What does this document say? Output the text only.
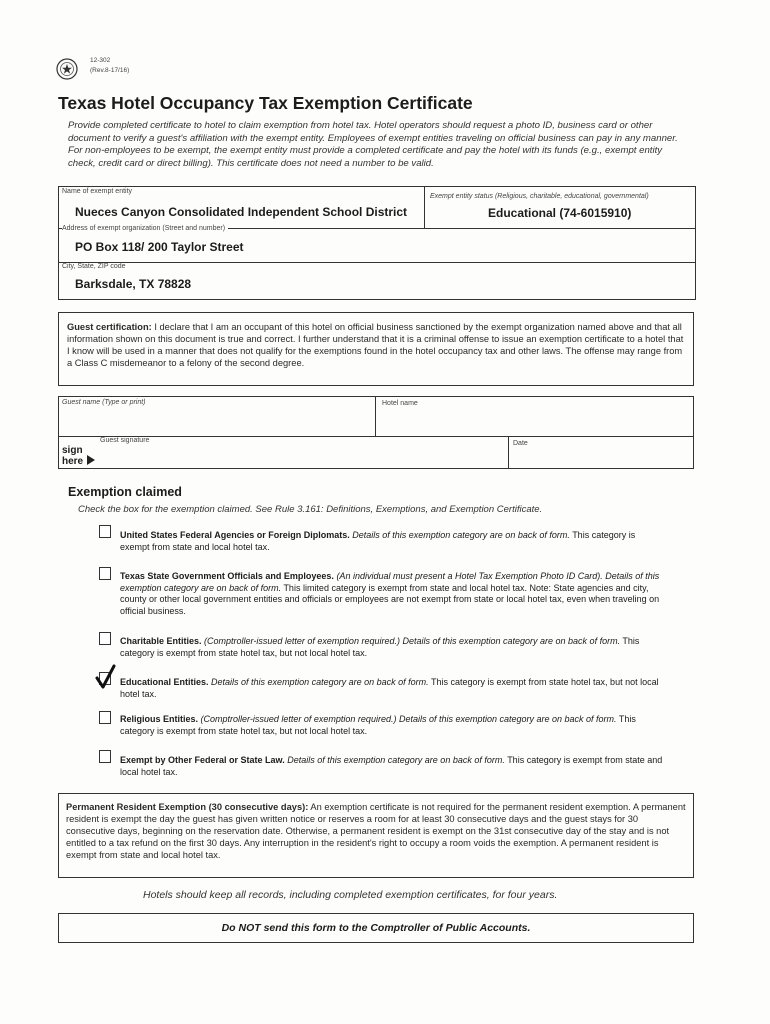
12-302
(Rev.8-17/16)
Texas Hotel Occupancy Tax Exemption Certificate
Provide completed certificate to hotel to claim exemption from hotel tax. Hotel operators should request a photo ID, business card or other document to verify a guest's affiliation with the exempt entity. Employees of exempt entities traveling on official business can pay in any manner. For non-employees to be exempt, the exempt entity must provide a completed certificate and pay the hotel with its funds (e.g., exempt entity check, credit card or direct billing). This certificate does not need a number to be valid.
Name of exempt entity
Nueces Canyon Consolidated Independent School District
Exempt entity status (Religious, charitable, educational, governmental)
Educational (74-6015910)
Address of exempt organization (Street and number)
PO Box 118/ 200 Taylor Street
City, State, ZIP code
Barksdale, TX 78828
Guest certification: I declare that I am an occupant of this hotel on official business sanctioned by the exempt organization named above and that all information shown on this document is true and correct. I further understand that it is a criminal offense to issue an exemption certificate to a hotel that I know will be used in a manner that does not qualify for the exemptions found in the hotel occupancy tax and other laws. The offense may range from a Class C misdemeanor to a felony of the second degree.
Guest name (Type or print)	Hotel name
Guest signature	Date
sign here
Exemption claimed
Check the box for the exemption claimed. See Rule 3.161: Definitions, Exemptions, and Exemption Certificate.
United States Federal Agencies or Foreign Diplomats. Details of this exemption category are on back of form. This category is exempt from state and local hotel tax.
Texas State Government Officials and Employees. (An individual must present a Hotel Tax Exemption Photo ID Card). Details of this exemption category are on back of form. This limited category is exempt from state and local hotel tax. Note: State agencies and city, county or other local government entities and officials or employees are not exempt from state or local hotel tax, even when traveling on official business.
Charitable Entities. (Comptroller-issued letter of exemption required.) Details of this exemption category are on back of form. This category is exempt from state hotel tax, but not local hotel tax.
Educational Entities. Details of this exemption category are on back of form. This category is exempt from state hotel tax, but not local hotel tax.
Religious Entities. (Comptroller-issued letter of exemption required.) Details of this exemption category are on back of form. This category is exempt from state hotel tax, but not local hotel tax.
Exempt by Other Federal or State Law. Details of this exemption category are on back of form. This category is exempt from state and local hotel tax.
Permanent Resident Exemption (30 consecutive days): An exemption certificate is not required for the permanent resident exemption. A permanent resident is exempt the day the guest has given written notice or reserves a room for at least 30 consecutive days and the guest stays for 30 consecutive days, beginning on the reservation date. Otherwise, a permanent resident is exempt on the 31st consecutive day of the stay and is not entitled to a tax refund on the first 30 days. Any interruption in the resident's right to occupy a room voids the exemption. A permanent resident is exempt from state and local hotel tax.
Hotels should keep all records, including completed exemption certificates, for four years.
Do NOT send this form to the Comptroller of Public Accounts.
